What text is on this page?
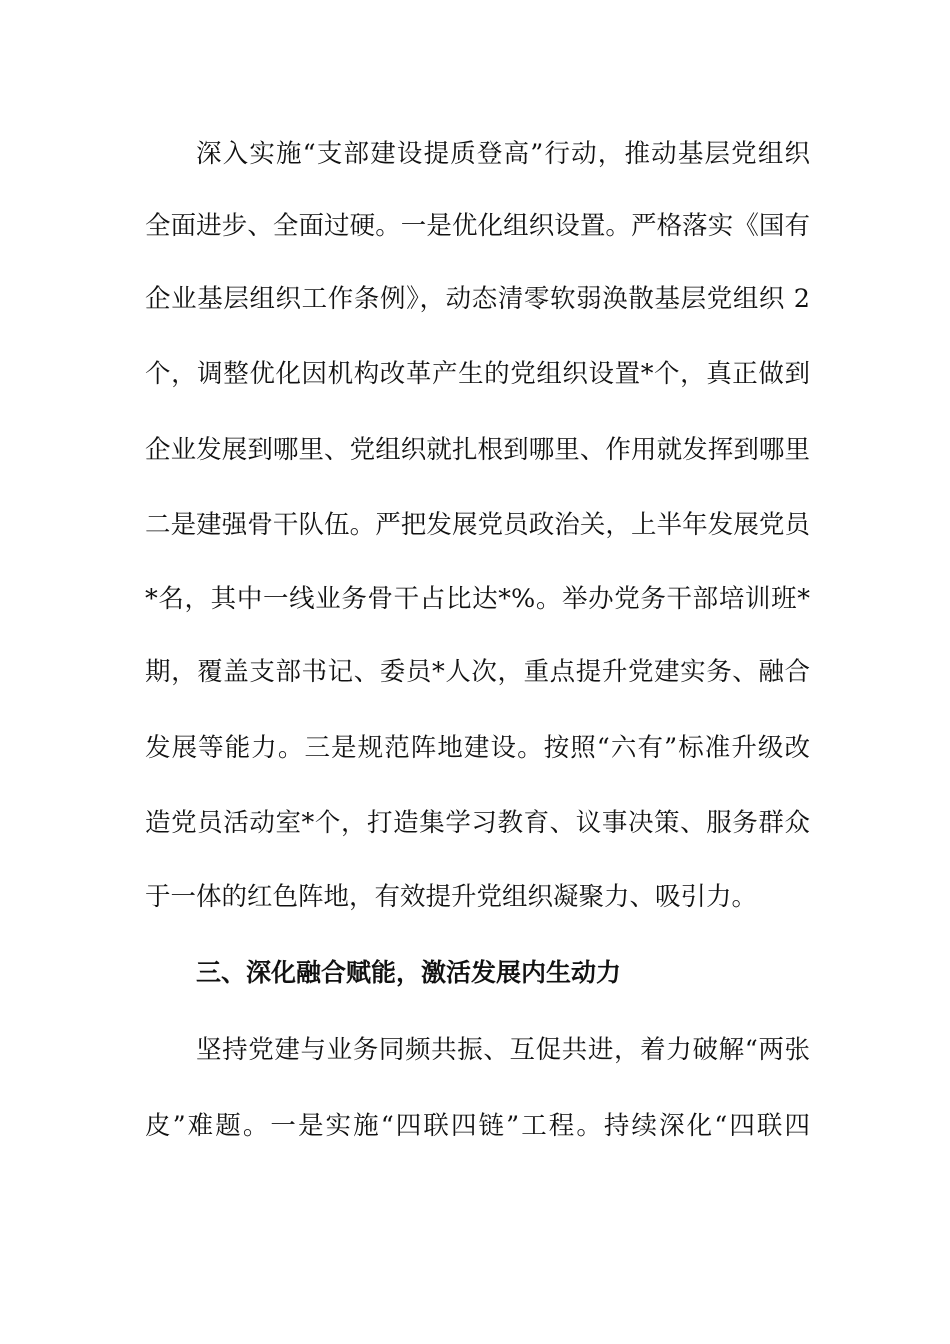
深入实施“支部建设提质登高”行动，推动基层党组织
全面进步、全面过硬。一是优化组织设置。严格落实《国有
企业基层组织工作条例》，动态清零软弱涣散基层党组织 2
个，调整优化因机构改革产生的党组织设置*个，真正做到
企业发展到哪里、党组织就扎根到哪里、作用就发挥到哪里
二是建强骨干队伍。严把发展党员政治关，上半年发展党员
*名，其中一线业务骨干占比达*%。举办党务干部培训班*
期，覆盖支部书记、委员*人次，重点提升党建实务、融合
发展等能力。三是规范阵地建设。按照“六有”标准升级改
造党员活动室*个，打造集学习教育、议事决策、服务群众
于一体的红色阵地，有效提升党组织凝聚力、吸引力。
三、深化融合赋能，激活发展内生动力
坚持党建与业务同频共振、互促共进，着力破解“两张
皮”难题。一是实施“四联四链”工程。持续深化“四联四
